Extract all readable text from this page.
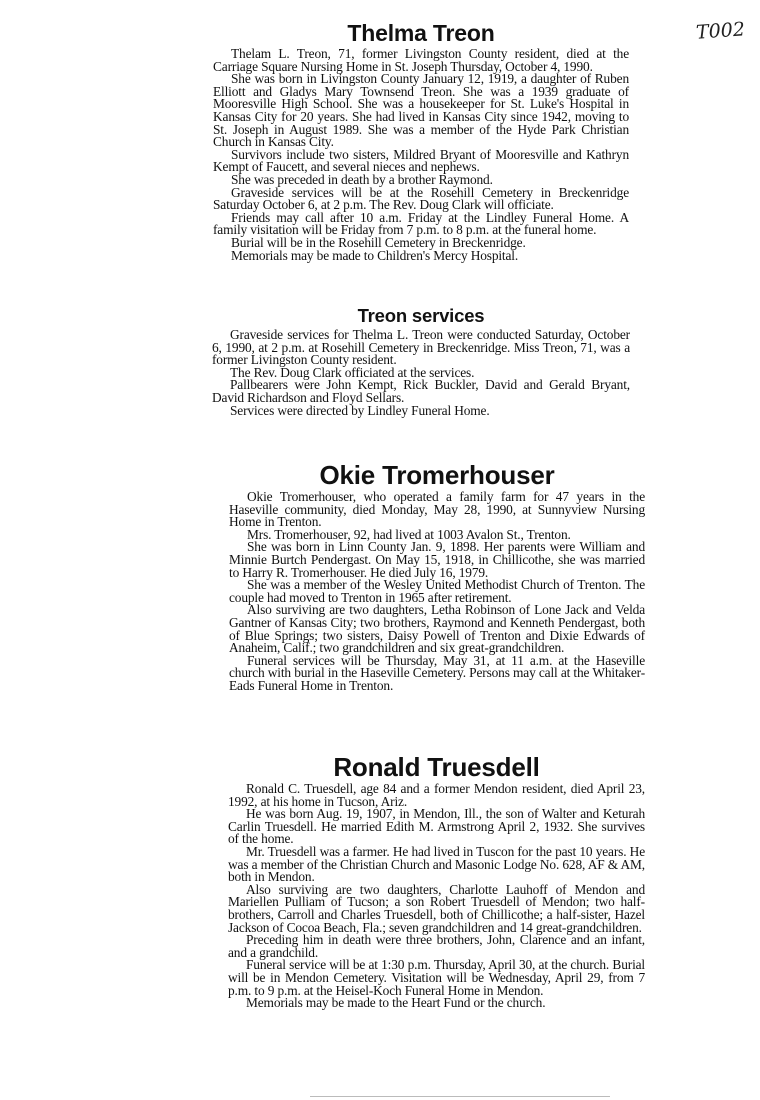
T002
Thelma Treon

Thelam L. Treon, 71, former Livingston County resident, died at the Carriage Square Nursing Home in St. Joseph Thursday, October 4, 1990.

She was born in Livingston County January 12, 1919, a daughter of Ruben Elliott and Gladys Mary Townsend Treon. She was a 1939 graduate of Mooresville High School. She was a housekeeper for St. Luke's Hospital in Kansas City for 20 years. She had lived in Kansas City since 1942, moving to St. Joseph in August 1989. She was a member of the Hyde Park Christian Church in Kansas City.

Survivors include two sisters, Mildred Bryant of Mooresville and Kathryn Kempt of Faucett, and several nieces and nephews.

She was preceded in death by a brother Raymond.

Graveside services will be at the Rosehill Cemetery in Breckenridge Saturday October 6, at 2 p.m. The Rev. Doug Clark will officiate.

Friends may call after 10 a.m. Friday at the Lindley Funeral Home. A family visitation will be Friday from 7 p.m. to 8 p.m. at the funeral home.

Burial will be in the Rosehill Cemetery in Breckenridge.

Memorials may be made to Children's Mercy Hospital.

Treon services

Graveside services for Thelma L. Treon were conducted Saturday, October 6, 1990, at 2 p.m. at Rosehill Cemetery in Breckenridge. Miss Treon, 71, was a former Livingston County resident.

The Rev. Doug Clark officiated at the services.

Pallbearers were John Kempt, Rick Buckler, David and Gerald Bryant, David Richardson and Floyd Sellars.

Services were directed by Lindley Funeral Home.

Okie Tromerhouser

Okie Tromerhouser, who operated a family farm for 47 years in the Haseville community, died Monday, May 28, 1990, at Sunnyview Nursing Home in Trenton.

Mrs. Tromerhouser, 92, had lived at 1003 Avalon St., Trenton.

She was born in Linn County Jan. 9, 1898. Her parents were William and Minnie Burtch Pendergast. On May 15, 1918, in Chillicothe, she was married to Harry R. Tromerhouser. He died July 16, 1979.

She was a member of the Wesley United Methodist Church of Trenton. The couple had moved to Trenton in 1965 after retirement.

Also surviving are two daughters, Letha Robinson of Lone Jack and Velda Gantner of Kansas City; two brothers, Raymond and Kenneth Pendergast, both of Blue Springs; two sisters, Daisy Powell of Trenton and Dixie Edwards of Anaheim, Calif.; two grandchildren and six great-grandchildren.

Funeral services will be Thursday, May 31, at 11 a.m. at the Haseville church with burial in the Haseville Cemetery. Persons may call at the Whitaker-Eads Funeral Home in Trenton.

Ronald Truesdell

Ronald C. Truesdell, age 84 and a former Mendon resident, died April 23, 1992, at his home in Tucson, Ariz.

He was born Aug. 19, 1907, in Mendon, Ill., the son of Walter and Keturah Carlin Truesdell. He married Edith M. Armstrong April 2, 1932. She survives of the home.

Mr. Truesdell was a farmer. He had lived in Tuscon for the past 10 years. He was a member of the Christian Church and Masonic Lodge No. 628, AF & AM, both in Mendon.

Also surviving are two daughters, Charlotte Lauhoff of Mendon and Mariellen Pulliam of Tucson; a son Robert Truesdell of Mendon; two half-brothers, Carroll and Charles Truesdell, both of Chillicothe; a half-sister, Hazel Jackson of Cocoa Beach, Fla.; seven grandchildren and 14 great-grandchildren.

Preceding him in death were three brothers, John, Clarence and an infant, and a grandchild.

Funeral service will be at 1:30 p.m. Thursday, April 30, at the church. Burial will be in Mendon Cemetery. Visitation will be Wednesday, April 29, from 7 p.m. to 9 p.m. at the Heisel-Koch Funeral Home in Mendon.

Memorials may be made to the Heart Fund or the church.
